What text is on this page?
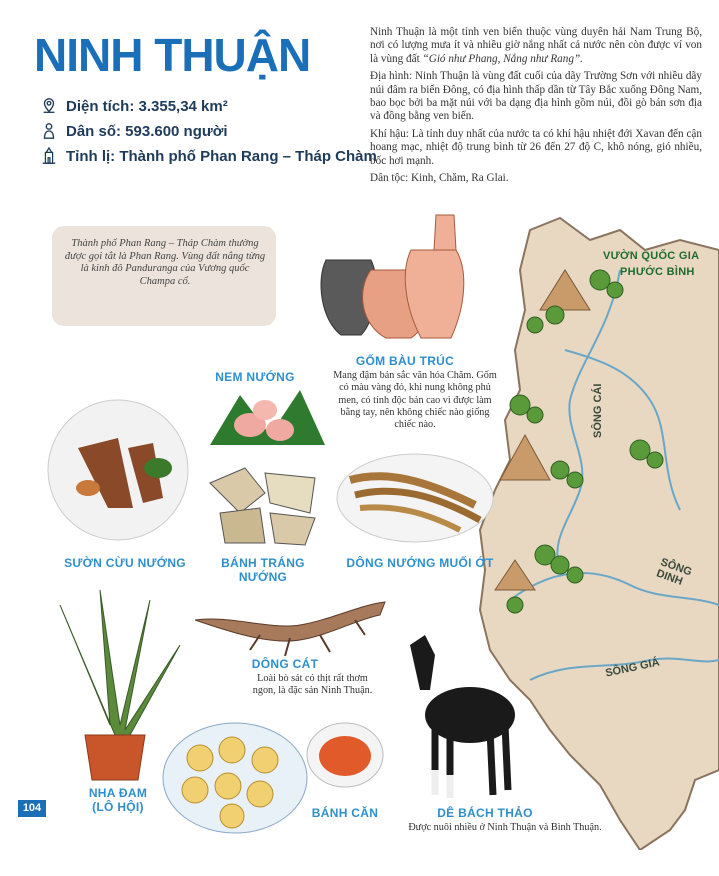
NINH THUẬN
Diện tích: 3.355,34 km²
Dân số: 593.600 người
Tỉnh lị: Thành phố Phan Rang – Tháp Chàm

Ninh Thuận là một tỉnh ven biển thuộc vùng duyên hải Nam Trung Bộ, nơi có lượng mưa ít và nhiều giờ nắng nhất cả nước nên còn được ví von là vùng đất “Gió như Phang, Nắng như Rang”.

Địa hình: Ninh Thuận là vùng đất cuối của dãy Trường Sơn với nhiều dãy núi đâm ra biển Đông, có địa hình thấp dần từ Tây Bắc xuống Đông Nam, bao bọc bởi ba mặt núi với ba dạng địa hình gồm núi, đồi gò bán sơn địa và đồng bằng ven biển.

Khí hậu: Là tỉnh duy nhất của nước ta có khí hậu nhiệt đới Xavan đến cận hoang mạc, nhiệt độ trung bình từ 26 đến 27 độ C, khô nóng, gió nhiều, bốc hơi mạnh.

Dân tộc: Kinh, Chăm, Ra Glai.

Thành phố Phan Rang – Tháp Chàm thường được gọi tắt là Phan Rang. Vùng đất nắng từng là kinh đô Panduranga của Vương quốc Champa cổ.
VƯỜN QUỐC GIA
PHƯỚC BÌNH
SÔNG CÁI
SÔNG DINH
SÔNG GIÁ
GỐM BÀU TRÚC
Mang đậm bản sắc văn hóa Chăm. Gốm có màu vàng đỏ, khi nung không phủ men, có tính độc bản cao vì được làm bằng tay, nên không chiếc nào giống chiếc nào.
NEM NƯỚNG
SƯỜN CỪU NƯỚNG	BÁNH TRÁNG NƯỚNG
DÔNG NƯỚNG MUỐI ỚT
NHA ĐAM
(LÔ HỘI)
DÔNG CÁT
Loài bò sát có thịt rất thơm ngon, là đặc sản Ninh Thuận.
BÁNH CĂN	DÊ BÁCH THẢO
Được nuôi nhiều ở Ninh Thuận và Bình Thuận.
104
